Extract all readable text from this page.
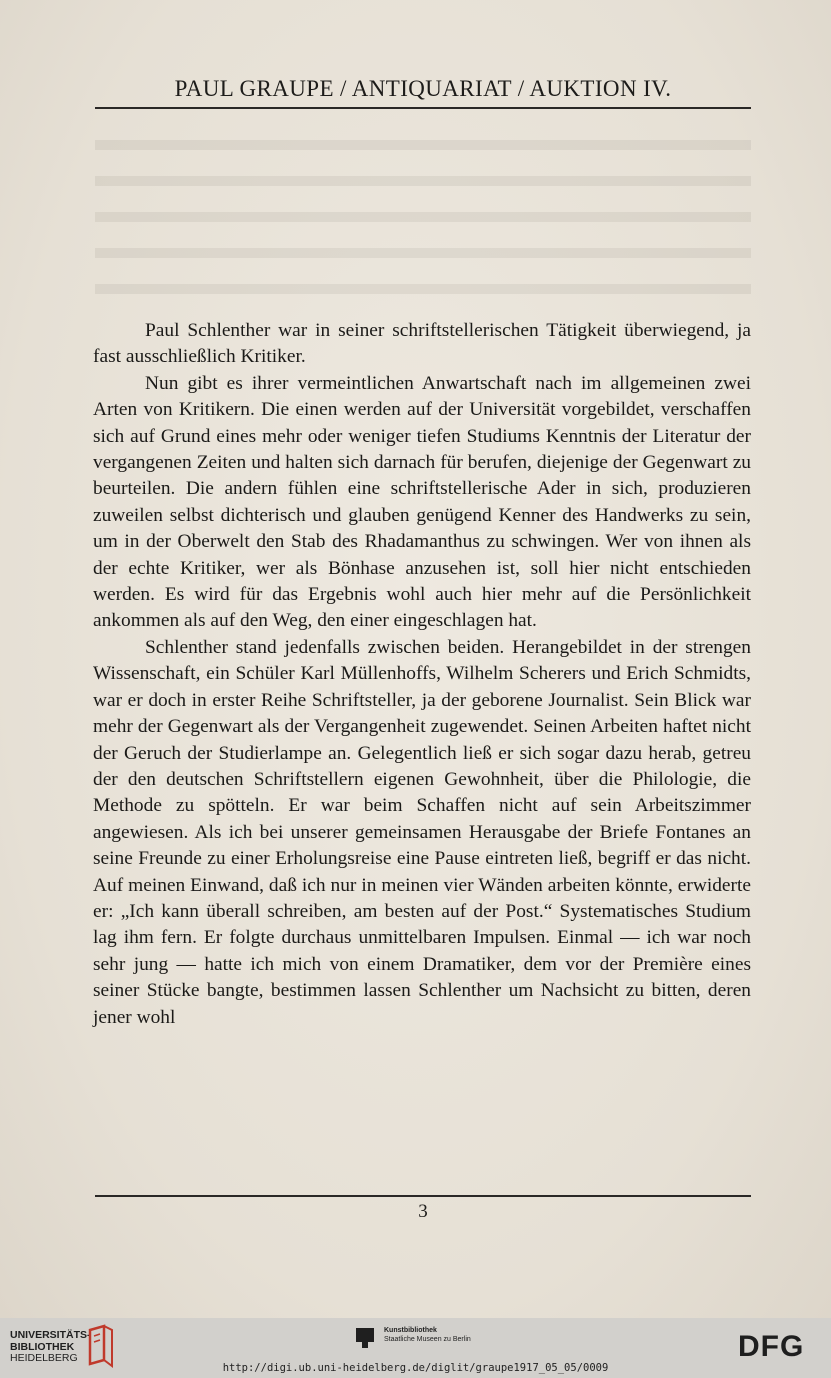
PAUL GRAUPE / ANTIQUARIAT / AUKTION IV.

Paul Schlenther war in seiner schriftstellerischen Tätigkeit überwiegend, ja fast ausschließlich Kritiker.

Nun gibt es ihrer vermeintlichen Anwartschaft nach im allgemeinen zwei Arten von Kritikern. Die einen werden auf der Universität vorgebildet, verschaffen sich auf Grund eines mehr oder weniger tiefen Studiums Kenntnis der Literatur der vergangenen Zeiten und halten sich darnach für berufen, diejenige der Gegenwart zu beurteilen. Die andern fühlen eine schriftstellerische Ader in sich, produzieren zuweilen selbst dichterisch und glauben genügend Kenner des Handwerks zu sein, um in der Oberwelt den Stab des Rhadamanthus zu schwingen. Wer von ihnen als der echte Kritiker, wer als Bönhase anzusehen ist, soll hier nicht entschieden werden. Es wird für das Ergebnis wohl auch hier mehr auf die Persönlichkeit ankommen als auf den Weg, den einer eingeschlagen hat.

Schlenther stand jedenfalls zwischen beiden. Herangebildet in der strengen Wissenschaft, ein Schüler Karl Müllenhoffs, Wilhelm Scherers und Erich Schmidts, war er doch in erster Reihe Schriftsteller, ja der geborene Journalist. Sein Blick war mehr der Gegenwart als der Vergangenheit zugewendet. Seinen Arbeiten haftet nicht der Geruch der Studierlampe an. Gelegentlich ließ er sich sogar dazu herab, getreu der den deutschen Schriftstellern eigenen Gewohnheit, über die Philologie, die Methode zu spötteln. Er war beim Schaffen nicht auf sein Arbeitszimmer angewiesen. Als ich bei unserer gemeinsamen Herausgabe der Briefe Fontanes an seine Freunde zu einer Erholungsreise eine Pause eintreten ließ, begriff er das nicht. Auf meinen Einwand, daß ich nur in meinen vier Wänden arbeiten könnte, erwiderte er: „Ich kann überall schreiben, am besten auf der Post.“ Systematisches Studium lag ihm fern. Er folgte durchaus unmittelbaren Impulsen. Einmal — ich war noch sehr jung — hatte ich mich von einem Dramatiker, dem vor der Première eines seiner Stücke bangte, bestimmen lassen Schlenther um Nachsicht zu bitten, deren jener wohl

3
UNIVERSITÄTS-
BIBLIOTHEK
HEIDELBERG
Kunstbibliothek
Staatliche Museen zu Berlin	DFG
http://digi.ub.uni-heidelberg.de/diglit/graupe1917_05_05/0009
